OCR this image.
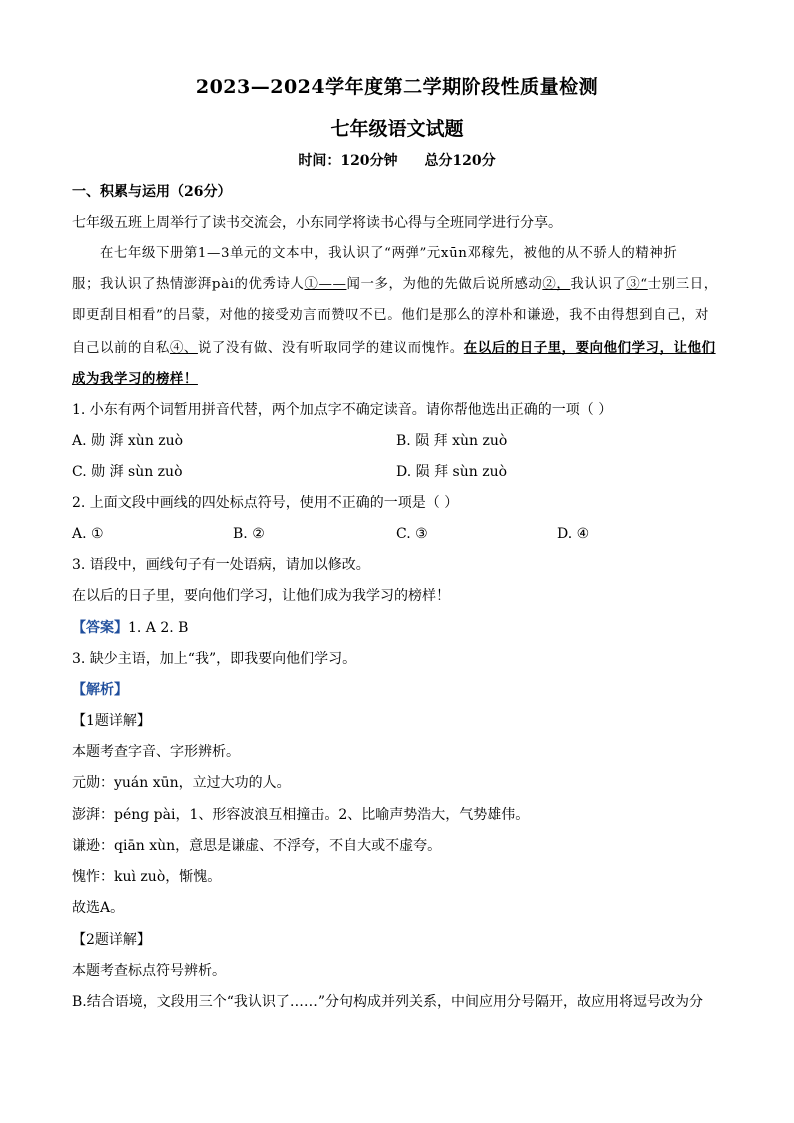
2023—2024学年度第二学期阶段性质量检测
七年级语文试题
时间：120分钟 总分120分
一、积累与运用（26分）
七年级五班上周举行了读书交流会，小东同学将读书心得与全班同学进行分享。
在七年级下册第1—3单元的文本中，我认识了“两弹”元xūn邓稼先，被他的从不骄人的精神折
服；我认识了热情澎湃pài的优秀诗人①——闻一多，为他的先做后说所感动②，我认识了③“士别三日，
即更刮目相看”的吕蒙，对他的接受劝言而赞叹不已。他们是那么的淳朴和谦逊，我不由得想到自己，对
自己以前的自私④、说了没有做、没有听取同学的建议而愧怍。在以后的日子里，要向他们学习，让他们
成为我学习的榜样！
1. 小东有两个词暂用拼音代替，两个加点字不确定读音。请你帮他选出正确的一项（ ）
A. 勋 湃 xùn zuò	B. 陨 拜 xùn zuò
C. 勋 湃 sùn zuò	D. 陨 拜 sùn zuò
2. 上面文段中画线的四处标点符号，使用不正确的一项是（ ）
A. ①	B. ②	C. ③	D. ④
3. 语段中，画线句子有一处语病，请加以修改。
在以后的日子里，要向他们学习，让他们成为我学习的榜样！
【答案】1. A 2. B
3. 缺少主语，加上“我”，即我要向他们学习。
【解析】
【1题详解】
本题考查字音、字形辨析。
元勋：yuán xūn，立过大功的人。
澎湃：péng pài，1、形容波浪互相撞击。2、比喻声势浩大，气势雄伟。
谦逊：qiān xùn，意思是谦虚、不浮夸，不自大或不虚夸。
愧怍：kuì zuò，惭愧。
故选A。
【2题详解】
本题考查标点符号辨析。
B.结合语境，文段用三个“我认识了……”分句构成并列关系，中间应用分号隔开，故应用将逗号改为分
